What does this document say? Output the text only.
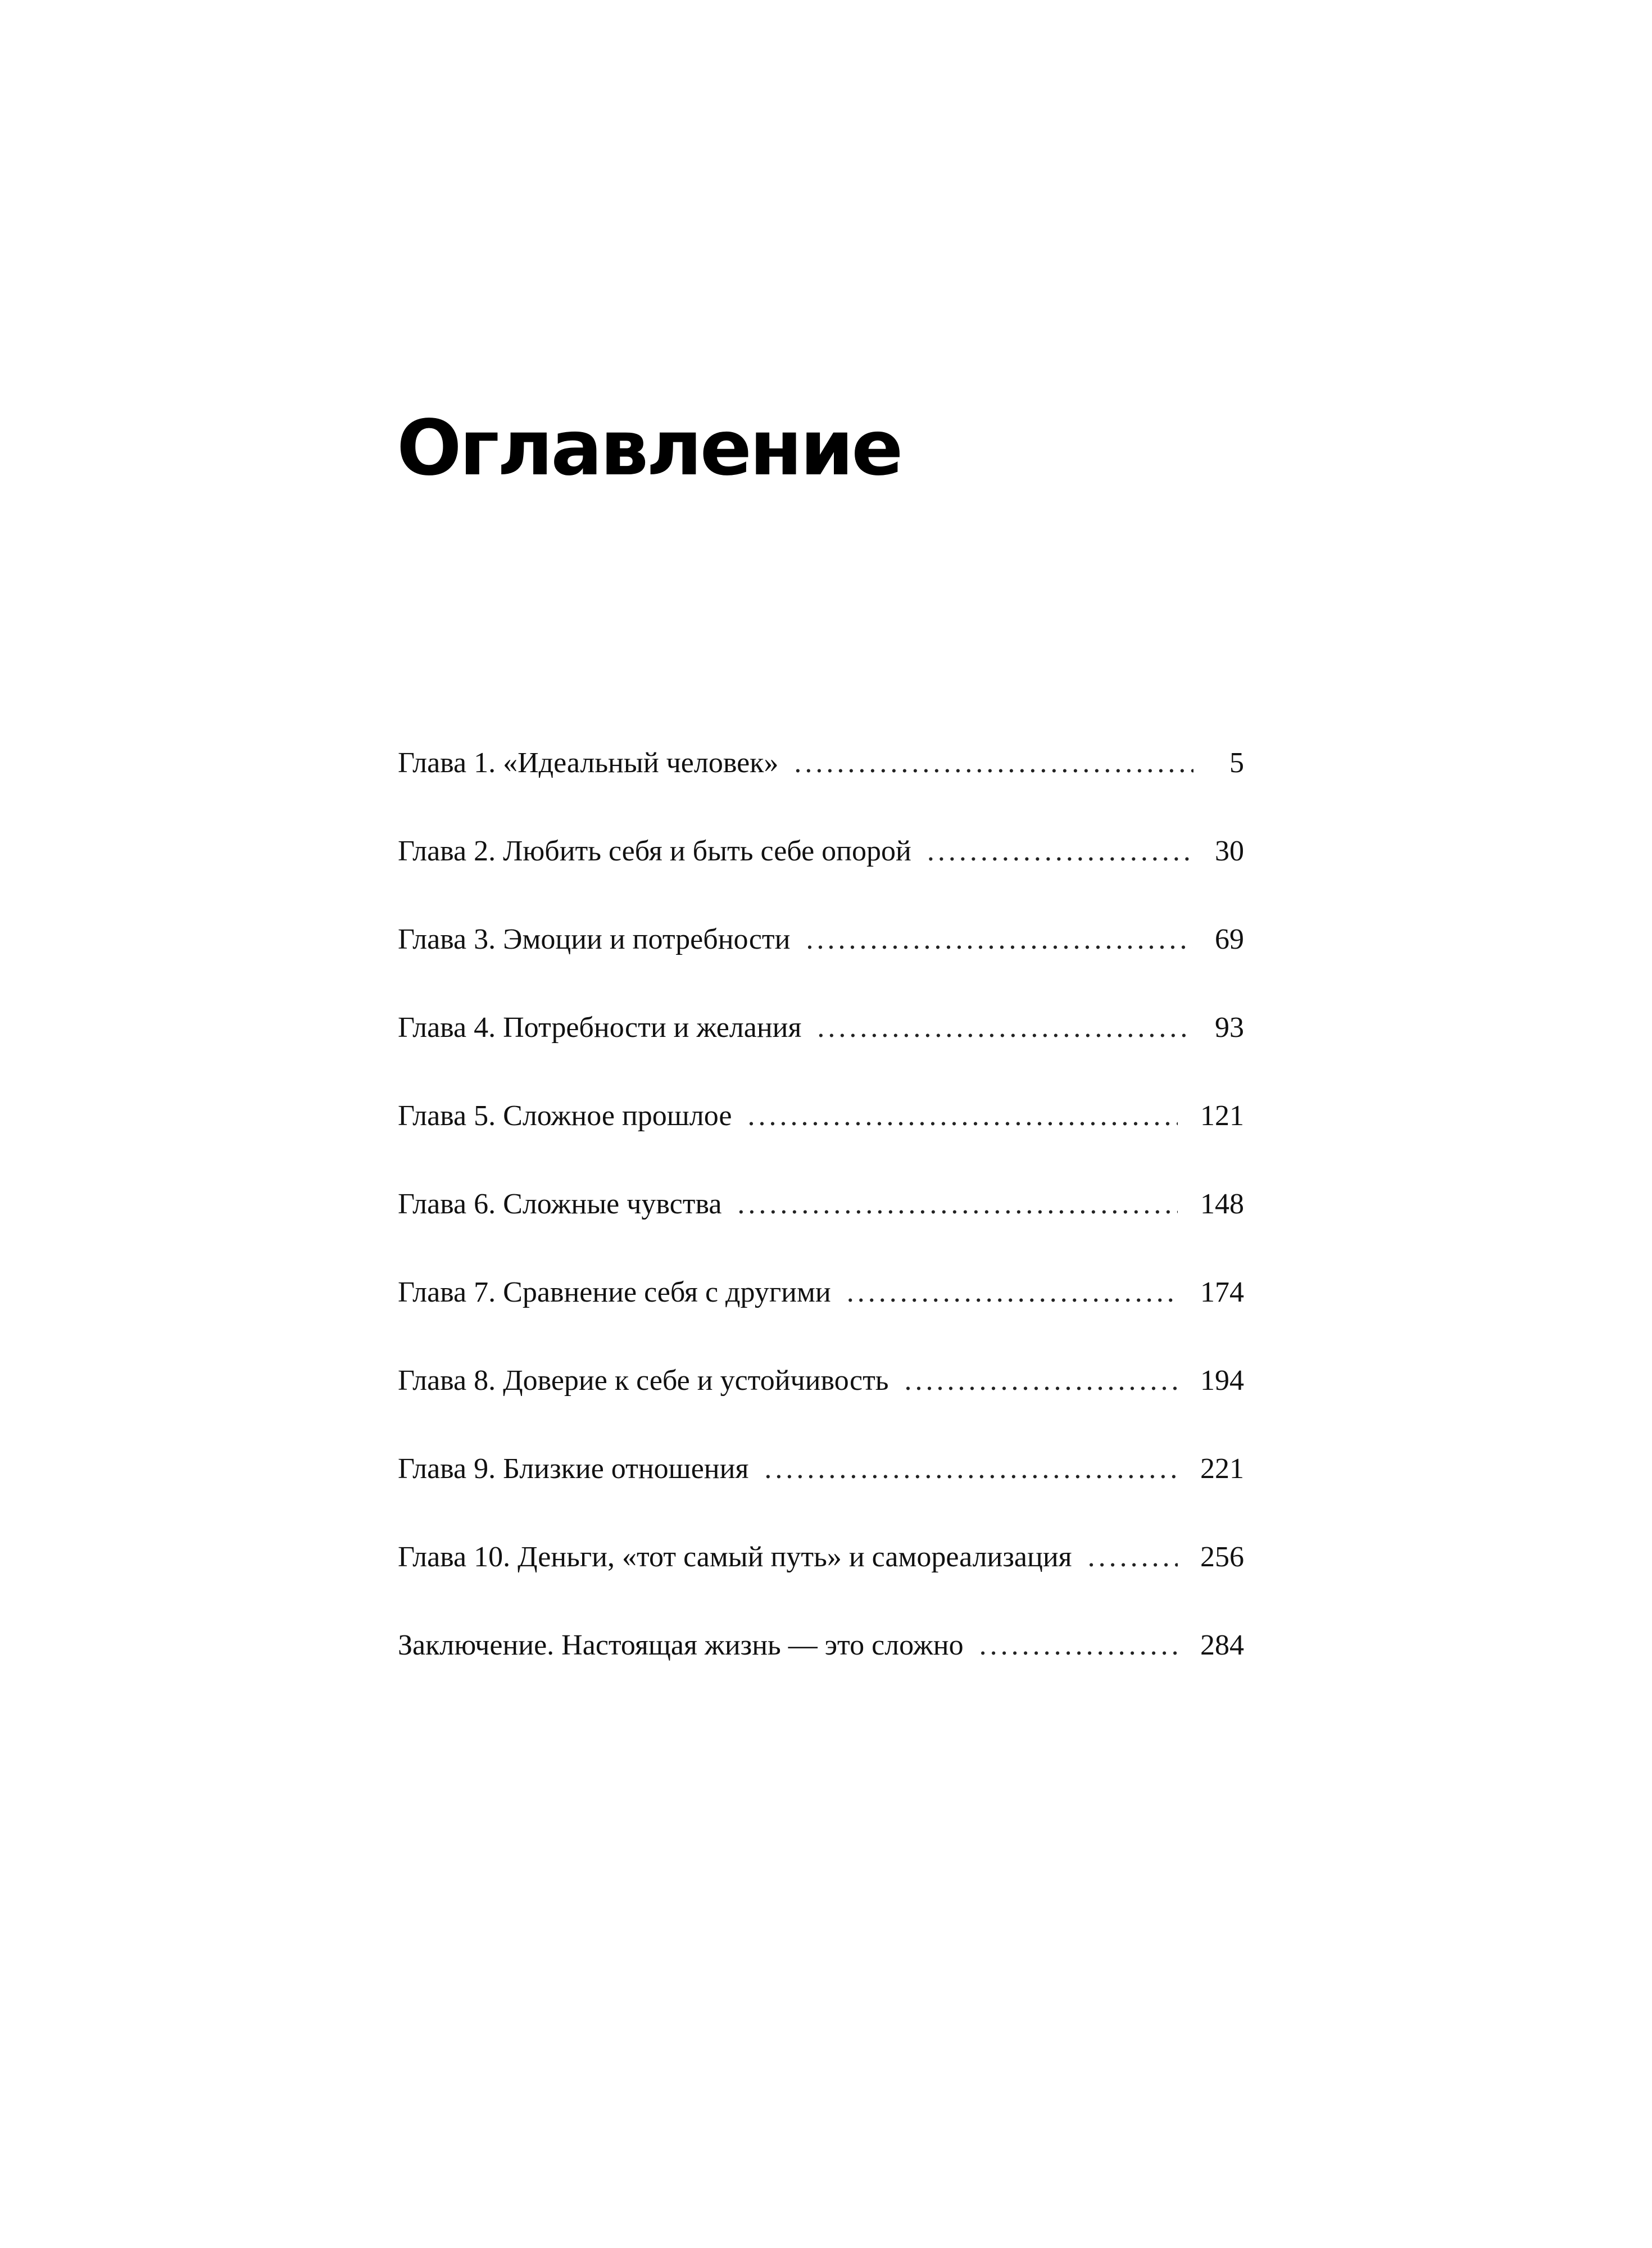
Оглавление
Глава 1. «Идеальный человек» .....	5
Глава 2. Любить себя и быть себе опорой .....	30
Глава 3. Эмоции и потребности .....	69
Глава 4. Потребности и желания .....	93
Глава 5. Сложное прошлое .....	121
Глава 6. Сложные чувства .....	148
Глава 7. Сравнение себя с другими .....	174
Глава 8. Доверие к себе и устойчивость .....	194
Глава 9. Близкие отношения .....	221
Глава 10. Деньги, «тот самый путь» и самореализация .....	256
Заключение. Настоящая жизнь — это сложно .....	284
